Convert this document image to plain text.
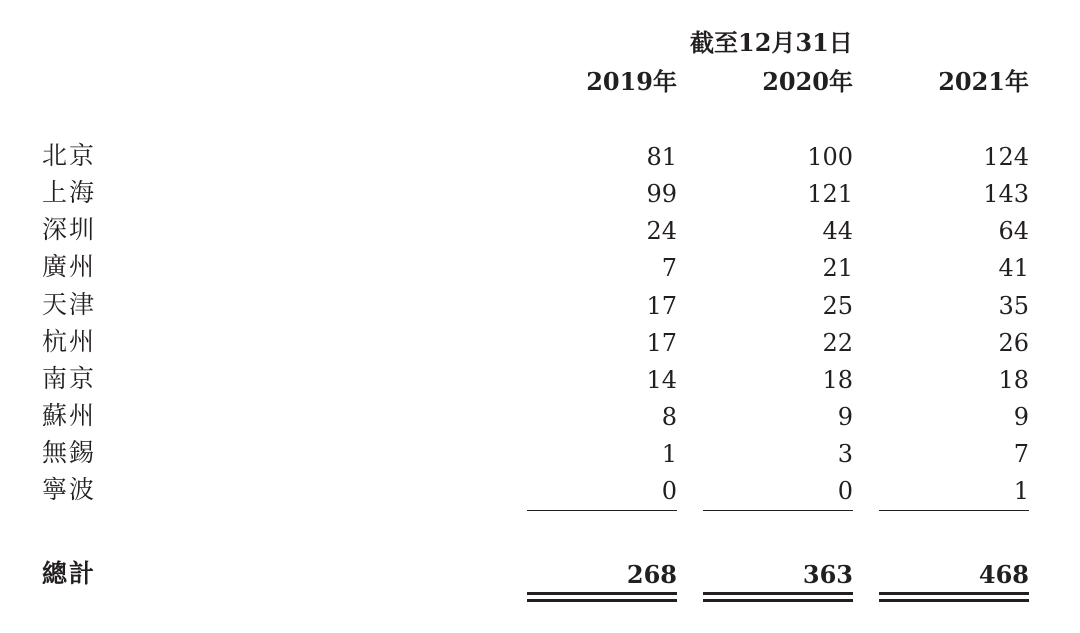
截至12月31日
2019年	2020年	2021年
北京	81	100	124
上海	99	121	143
深圳	24	44	64
廣州	7	21	41
天津	17	25	35
杭州	17	22	26
南京	14	18	18
蘇州	8	9	9
無錫	1	3	7
寧波	0	0	1
總計	268	363	468
